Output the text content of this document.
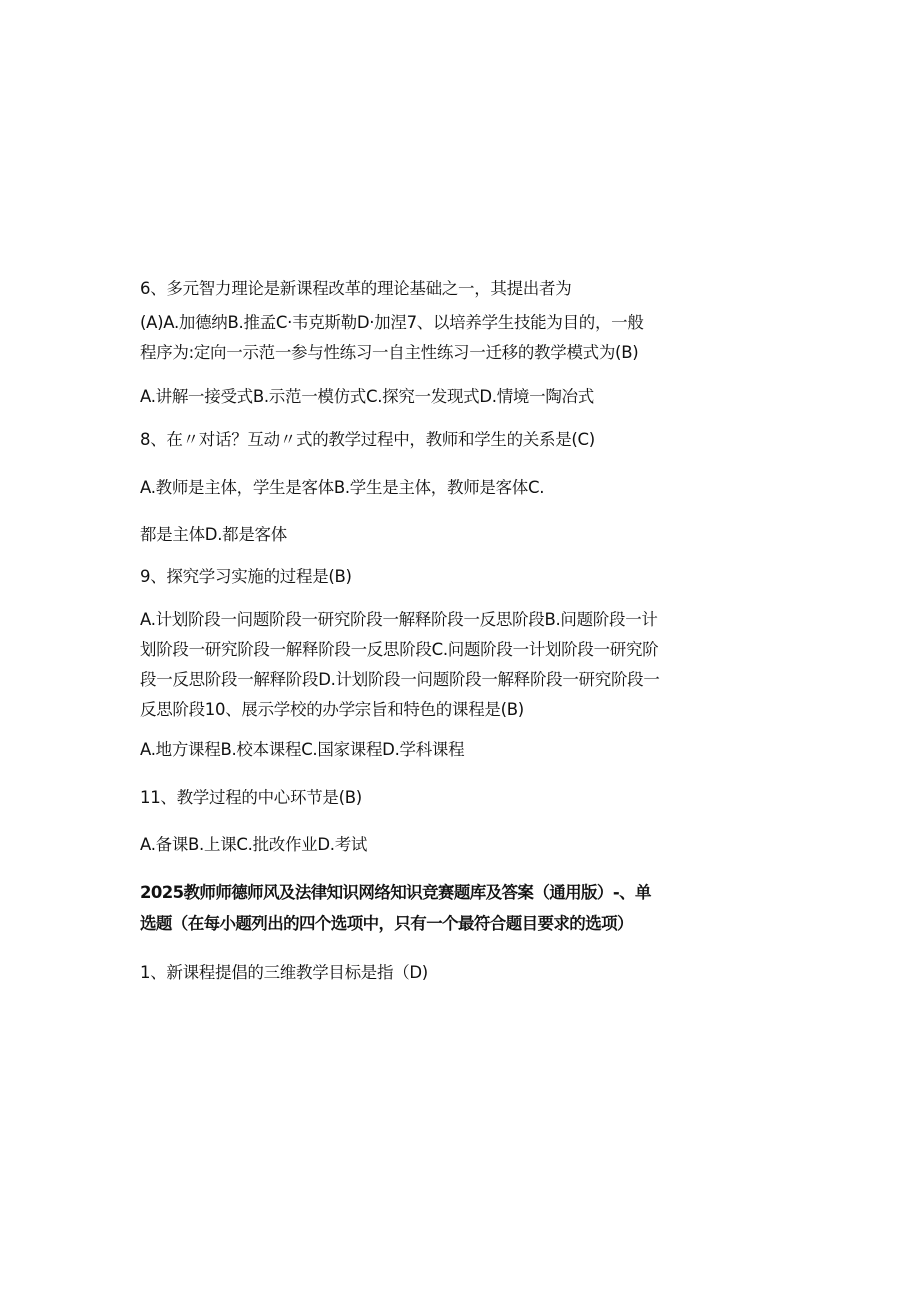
6、多元智力理论是新课程改革的理论基础之一，其提出者为
(A)A.加德纳B.推孟C·韦克斯勒D·加涅7、以培养学生技能为目的，一般
程序为:定向一示范一参与性练习一自主性练习一迁移的教学模式为(B)
A.讲解一接受式B.示范一模仿式C.探究一发现式D.情境一陶冶式
8、在〃对话？互动〃式的教学过程中，教师和学生的关系是(C)
A.教师是主体，学生是客体B.学生是主体，教师是客体C.
都是主体D.都是客体
9、探究学习实施的过程是(B)
A.计划阶段一问题阶段一研究阶段一解释阶段一反思阶段B.问题阶段一计
划阶段一研究阶段一解释阶段一反思阶段C.问题阶段一计划阶段一研究阶
段一反思阶段一解释阶段D.计划阶段一问题阶段一解释阶段一研究阶段一
反思阶段10、展示学校的办学宗旨和特色的课程是(B)
A.地方课程B.校本课程C.国家课程D.学科课程
11、教学过程的中心环节是(B)
A.备课B.上课C.批改作业D.考试
2025教师师德师风及法律知识网络知识竞赛题库及答案（通用版）-、单
选题（在每小题列出的四个选项中，只有一个最符合题目要求的选项）
1、新课程提倡的三维教学目标是指（D)
